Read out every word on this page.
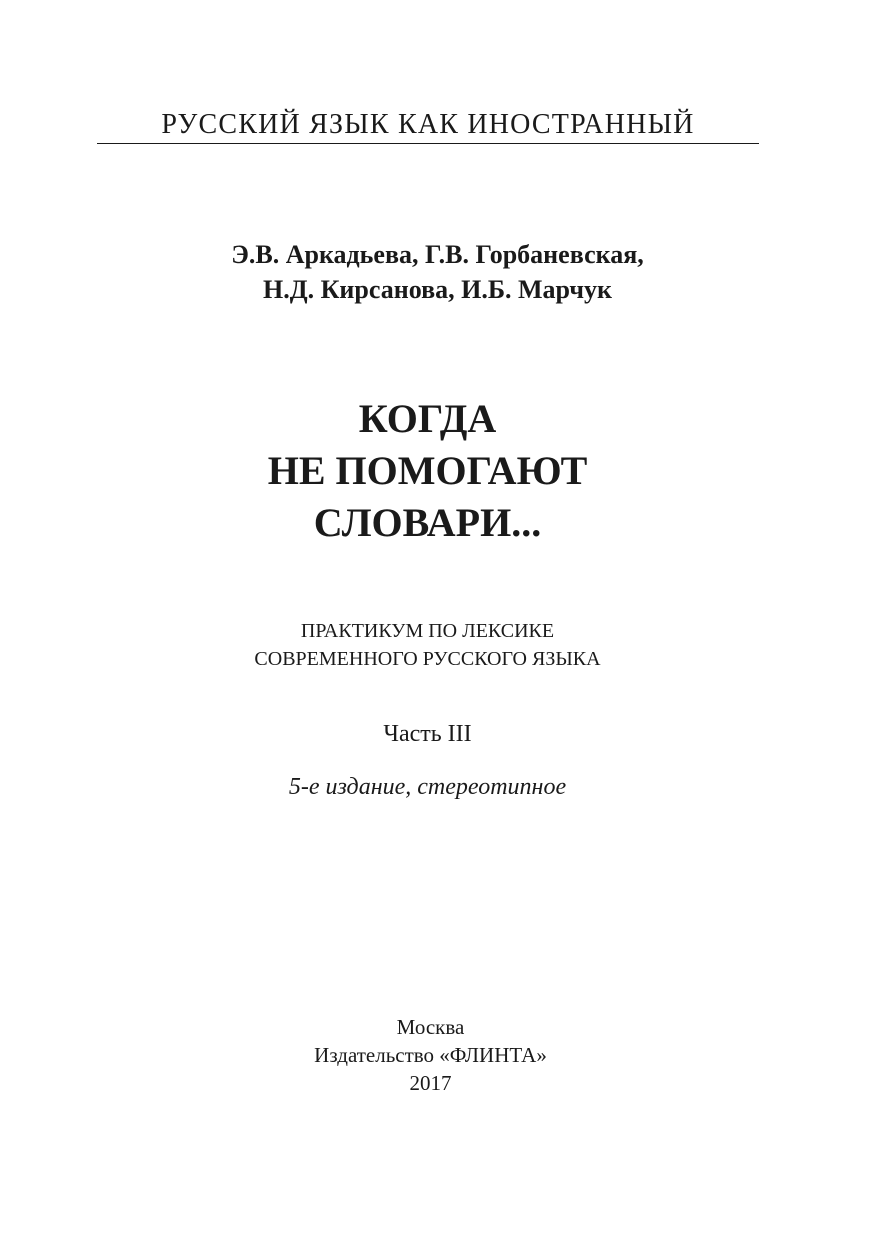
РУССКИЙ ЯЗЫК КАК ИНОСТРАННЫЙ
Э.В. Аркадьева, Г.В. Горбаневская,
Н.Д. Кирсанова, И.Б. Марчук
КОГДА
НЕ ПОМОГАЮТ
СЛОВАРИ...
ПРАКТИКУМ ПО ЛЕКСИКЕ
СОВРЕМЕННОГО РУССКОГО ЯЗЫКА
Часть III
5-е издание, стереотипное
Москва
Издательство «ФЛИНТА»
2017
